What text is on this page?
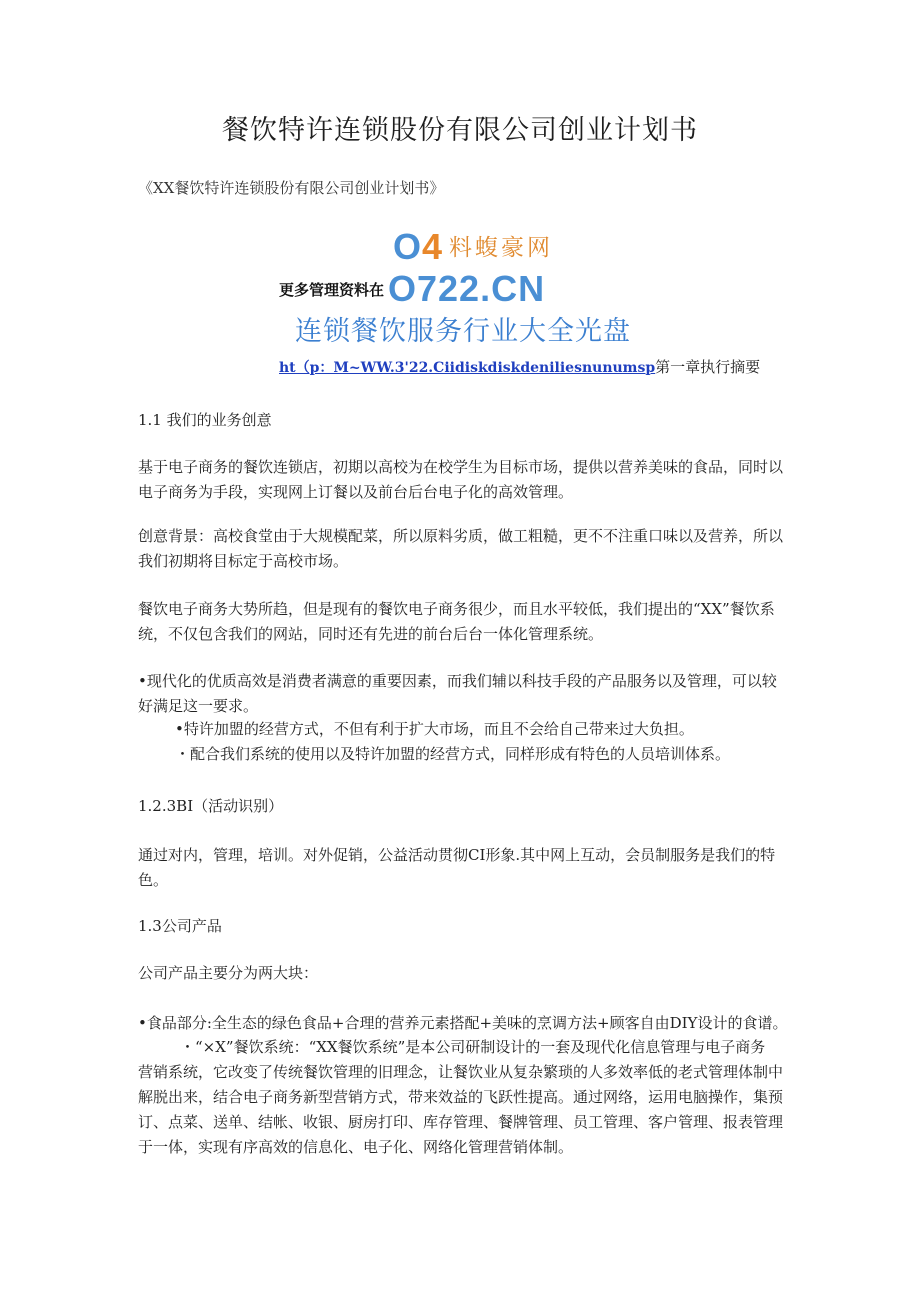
餐饮特许连锁股份有限公司创业计划书
《XX餐饮特许连锁股份有限公司创业计划书》
O4 料蝮豪网
更多管理资料在 O722.CN
连锁餐饮服务行业大全光盘
ht（p：M~WW.3'22.Ciidiskdiskdeniliesnunumsp第一章执行摘要
1.1 我们的业务创意
基于电子商务的餐饮连锁店，初期以高校为在校学生为目标市场，提供以营养美味的食品，同时以电子商务为手段，实现网上订餐以及前台后台电子化的高效管理。
创意背景：高校食堂由于大规模配菜，所以原料劣质，做工粗糙，更不不注重口味以及营养，所以我们初期将目标定于高校市场。
餐饮电子商务大势所趋，但是现有的餐饮电子商务很少，而且水平较低，我们提出的“XX”餐饮系统，不仅包含我们的网站，同时还有先进的前台后台一体化管理系统。
•现代化的优质高效是消费者满意的重要因素，而我们辅以科技手段的产品服务以及管理，可以较好满足这一要求。
•特许加盟的经营方式，不但有利于扩大市场，而且不会给自己带来过大负担。
・配合我们系统的使用以及特许加盟的经营方式，同样形成有特色的人员培训体系。
1.2.3BI（活动识别）
通过对内，管理，培训。对外促销，公益活动贯彻CI形象.其中网上互动，会员制服务是我们的特色。
1.3公司产品
公司产品主要分为两大块：
•食品部分:全生态的绿色食品+合理的营养元素搭配+美味的烹调方法+顾客自由DIY设计的食谱。
・“×X”餐饮系统：“XX餐饮系统”是本公司研制设计的一套及现代化信息管理与电子商务
营销系统，它改变了传统餐饮管理的旧理念，让餐饮业从复杂繁琐的人多效率低的老式管理体制中解脱出来，结合电子商务新型营销方式，带来效益的飞跃性提高。通过网络，运用电脑操作，集预订、点菜、送单、结帐、收银、厨房打印、库存管理、餐牌管理、员工管理、客户管理、报表管理于一体，实现有序高效的信息化、电子化、网络化管理营销体制。
